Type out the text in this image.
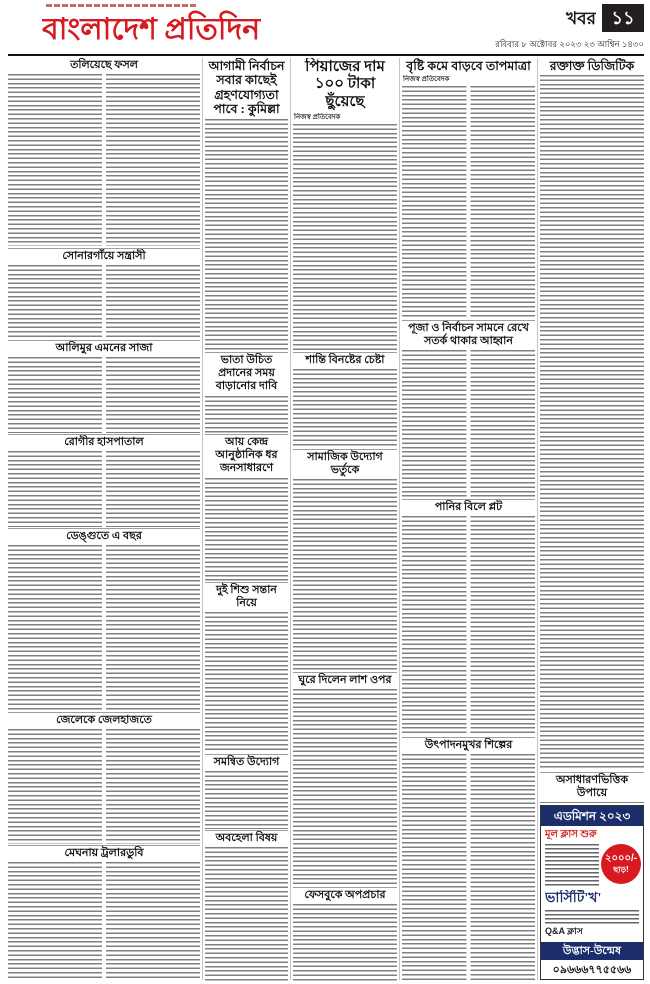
বাংলাদেশ প্রতিদিন	খবর ১১
রবিবার ৮ অক্টোবর ২০২৩ ২৩ আশ্বিন ১৪৩০
তলিয়েছে ফসল
সোনারগাঁয়ে সন্ত্রাসী
আলিমুর এমনের সাজা
রোগীর হাসপাতাল
ডেঙ্গুতে এ বছর
জেলেকে জেলহাজতে
মেঘনায় ট্রলারডুবি
আগামী নির্বাচন সবার কাছেই গ্রহণযোগ্যতা পাবে : কুমিল্লা
ভাতা উচিত প্রদানের সময় বাড়ানোর দাবি
আয় কেন্দ্র আনুষ্ঠানিক ধর জনসাধারণে
দুই শিশু সন্তান নিয়ে
সমন্বিত উদ্যোগ
অবহেলা বিষয়
পিঁয়াজের দাম ১০০ টাকা ছুঁয়েছে
নিজস্ব প্রতিবেদক
শান্তি বিনষ্টের চেষ্টা
সামাজিক উদ্যোগ ভর্তুকে
ঘুরে দিলেন লাশ ওপর
ফেসবুকে অপপ্রচার
বৃষ্টি কমে বাড়বে তাপমাত্রা
নিজস্ব প্রতিবেদক
পূজা ও নির্বাচন সামনে রেখে সতর্ক থাকার আহ্বান
পানির বিলে প্লট
উৎপাদনমুখর শিল্পের
রক্তাক্ত ডিজিটিক
অসাধারণভিত্তিক উপায়ে
এডমিশন ২০২৩
মূল ক্লাস শুরু
২০০০/-
ছাড়!
ভার্সিটি'খ'
Q&A ক্লাস
উদ্ভাস-উন্মেষ
০৯৬৬৬৭৭৫৫৬৬
